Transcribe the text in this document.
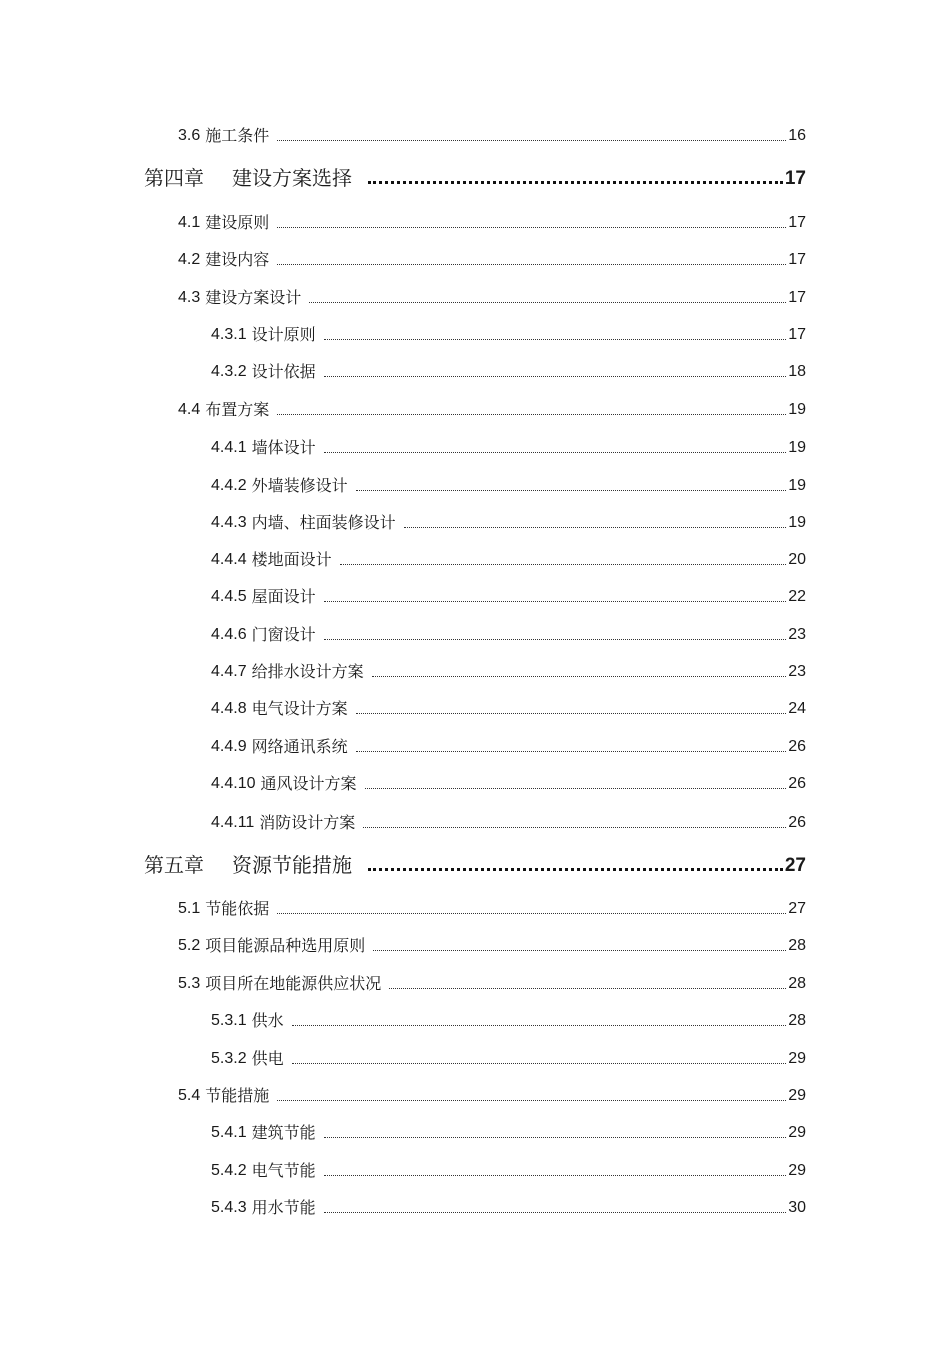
3.6 施工条件	16
第四章 建设方案选择	17
4.1 建设原则	17
4.2 建设内容	17
4.3 建设方案设计	17
4.3.1 设计原则	17
4.3.2 设计依据	18
4.4 布置方案	19
4.4.1 墙体设计	19
4.4.2 外墙装修设计	19
4.4.3 内墙、柱面装修设计	19
4.4.4 楼地面设计	20
4.4.5 屋面设计	22
4.4.6 门窗设计	23
4.4.7 给排水设计方案	23
4.4.8 电气设计方案	24
4.4.9 网络通讯系统	26
4.4.10 通风设计方案	26
4.4.11 消防设计方案	26
第五章 资源节能措施	27
5.1 节能依据	27
5.2 项目能源品种选用原则	28
5.3 项目所在地能源供应状况	28
5.3.1 供水	28
5.3.2 供电	29
5.4 节能措施	29
5.4.1 建筑节能	29
5.4.2 电气节能	29
5.4.3 用水节能	30
